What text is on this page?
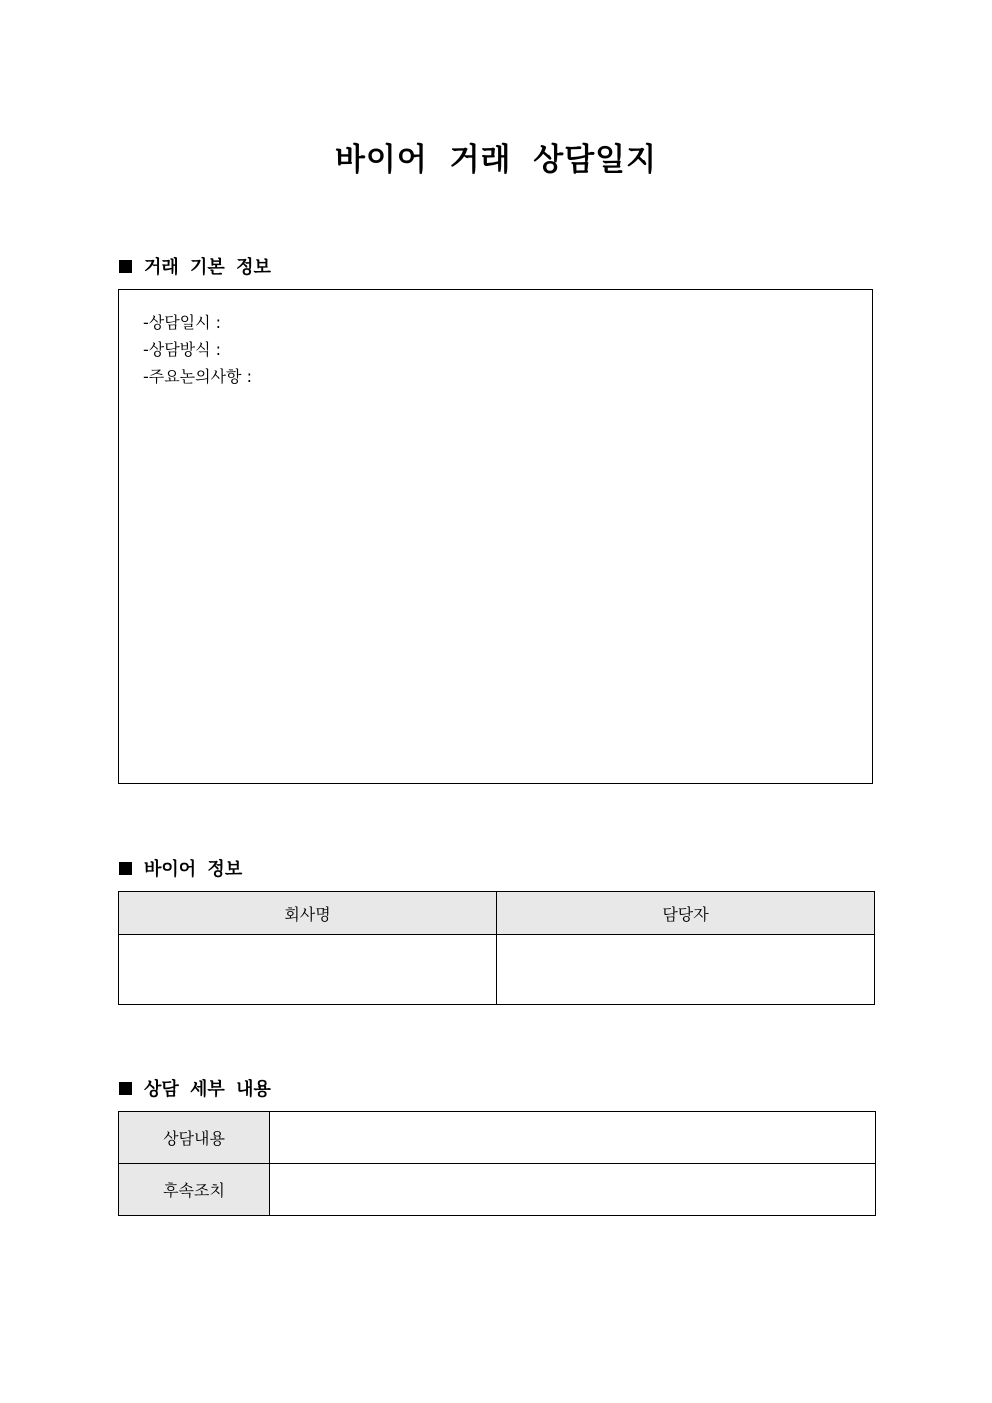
바이어 거래 상담일지
거래 기본 정보
-상담일시 :
-상담방식 :
-주요논의사항 :
바이어 정보
회사명	담당자

상담 세부 내용
상담내용	
후속조치	
